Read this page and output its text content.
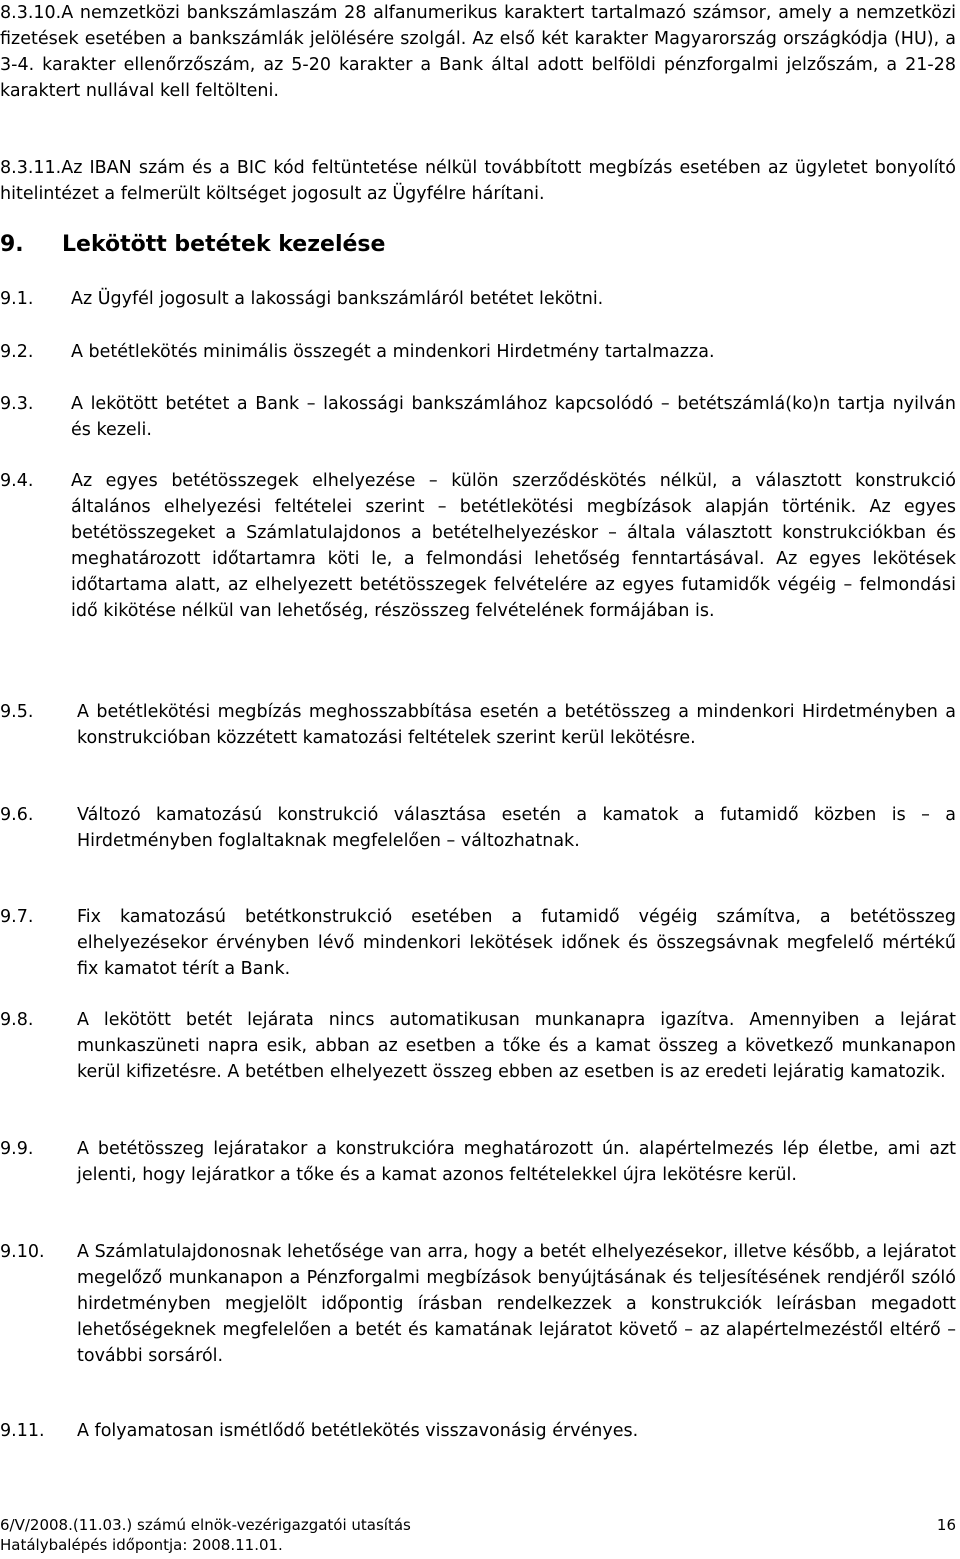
8.3.10.A nemzetközi bankszámlaszám 28 alfanumerikus karaktert tartalmazó számsor, amely a nemzetközi fizetések esetében a bankszámlák jelölésére szolgál. Az első két karakter Magyarország országkódja (HU), a 3-4. karakter ellenőrzőszám, az 5-20 karakter a Bank által adott belföldi pénzforgalmi jelzőszám, a 21-28 karaktert nullával kell feltölteni.
8.3.11.Az IBAN szám és a BIC kód feltüntetése nélkül továbbított megbízás esetében az ügyletet bonyolító hitelintézet a felmerült költséget jogosult az Ügyfélre hárítani.
9. Lekötött betétek kezelése
9.1. Az Ügyfél jogosult a lakossági bankszámláról betétet lekötni.
9.2. A betétlekötés minimális összegét a mindenkori Hirdetmény tartalmazza.
9.3. A lekötött betétet a Bank – lakossági bankszámlához kapcsolódó – betétszámlá(ko)n tartja nyilván és kezeli.
9.4. Az egyes betétösszegek elhelyezése – külön szerződéskötés nélkül, a választott konstrukció általános elhelyezési feltételei szerint – betétlekötési megbízások alapján történik. Az egyes betétösszegeket a Számlatulajdonos a betételhelyezéskor – általa választott konstrukciókban és meghatározott időtartamra köti le, a felmondási lehetőség fenntartásával. Az egyes lekötések időtartama alatt, az elhelyezett betétösszegek felvételére az egyes futamidők végéig – felmondási idő kikötése nélkül van lehetőség, részösszeg felvételének formájában is.
9.5. A betétlekötési megbízás meghosszabbítása esetén a betétösszeg a mindenkori Hirdetményben a konstrukcióban közzétett kamatozási feltételek szerint kerül lekötésre.
9.6. Változó kamatozású konstrukció választása esetén a kamatok a futamidő közben is – a Hirdetményben foglaltaknak megfelelően – változhatnak.
9.7. Fix kamatozású betétkonstrukció esetében a futamidő végéig számítva, a betétösszeg elhelyezésekor érvényben lévő mindenkori lekötések időnek és összegsávnak megfelelő mértékű fix kamatot térít a Bank.
9.8. A lekötött betét lejárata nincs automatikusan munkanapra igazítva. Amennyiben a lejárat munkaszüneti napra esik, abban az esetben a tőke és a kamat összeg a következő munkanapon kerül kifizetésre. A betétben elhelyezett összeg ebben az esetben is az eredeti lejáratig kamatozik.
9.9. A betétösszeg lejáratakor a konstrukcióra meghatározott ún. alapértelmezés lép életbe, ami azt jelenti, hogy lejáratkor a tőke és a kamat azonos feltételekkel újra lekötésre kerül.
9.10. A Számlatulajdonosnak lehetősége van arra, hogy a betét elhelyezésekor, illetve később, a lejáratot megelőző munkanapon a Pénzforgalmi megbízások benyújtásának és teljesítésének rendjéről szóló hirdetményben megjelölt időpontig írásban rendelkezzek a konstrukciók leírásban megadott lehetőségeknek megfelelően a betét és kamatának lejáratot követő – az alapértelmezéstől eltérő – további sorsáról.
9.11. A folyamatosan ismétlődő betétlekötés visszavonásig érvényes.
6/V/2008.(11.03.) számú elnök-vezérigazgatói utasítás
Hatálybalépés időpontja: 2008.11.01.
16
